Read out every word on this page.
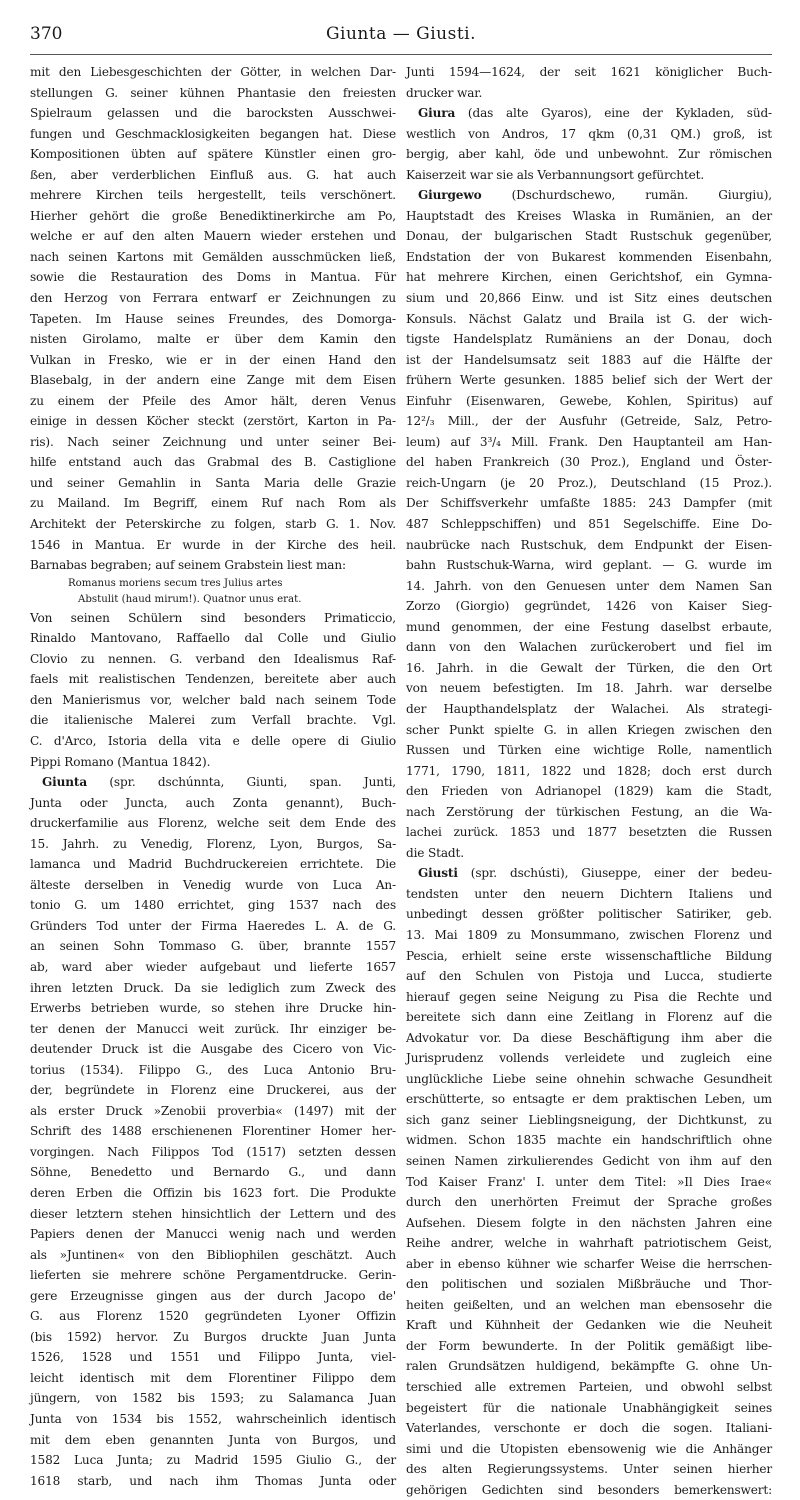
370	Giunta — Giusti.
mit den Liebesgeschichten der Götter, in welchen Dar-
stellungen G. seiner kühnen Phantasie den freiesten
Spielraum gelassen und die barocksten Ausschwei-
fungen und Geschmacklosigkeiten begangen hat. Diese
Kompositionen übten auf spätere Künstler einen gro-
ßen, aber verderblichen Einfluß aus. G. hat auch
mehrere Kirchen teils hergestellt, teils verschönert.
Hierher gehört die große Benediktinerkirche am Po,
welche er auf den alten Mauern wieder erstehen und
nach seinen Kartons mit Gemälden ausschmücken ließ,
sowie die Restauration des Doms in Mantua. Für
den Herzog von Ferrara entwarf er Zeichnungen zu
Tapeten. Im Hause seines Freundes, des Domorga-
nisten Girolamo, malte er über dem Kamin den
Vulkan in Fresko, wie er in der einen Hand den
Blasebalg, in der andern eine Zange mit dem Eisen
zu einem der Pfeile des Amor hält, deren Venus
einige in dessen Köcher steckt (zerstört, Karton in Pa-
ris). Nach seiner Zeichnung und unter seiner Bei-
hilfe entstand auch das Grabmal des B. Castiglione
und seiner Gemahlin in Santa Maria delle Grazie
zu Mailand. Im Begriff, einem Ruf nach Rom als
Architekt der Peterskirche zu folgen, starb G. 1. Nov.
1546 in Mantua. Er wurde in der Kirche des heil.
Barnabas begraben; auf seinem Grabstein liest man:
Romanus moriens secum tres Julius artes
Abstulit (haud mirum!). Quatnor unus erat.
Von seinen Schülern sind besonders Primaticcio,
Rinaldo Mantovano, Raffaello dal Colle und Giulio
Clovio zu nennen. G. verband den Idealismus Raf-
faels mit realistischen Tendenzen, bereitete aber auch
den Manierismus vor, welcher bald nach seinem Tode
die italienische Malerei zum Verfall brachte. Vgl.
C. d'Arco, Istoria della vita e delle opere di Giulio
Pippi Romano (Mantua 1842).
Giunta (spr. dschúnnta, Giunti, span. Junti,
Junta oder Juncta, auch Zonta genannt), Buch-
druckerfamilie aus Florenz, welche seit dem Ende des
15. Jahrh. zu Venedig, Florenz, Lyon, Burgos, Sa-
lamanca und Madrid Buchdruckereien errichtete. Die
älteste derselben in Venedig wurde von Luca An-
tonio G. um 1480 errichtet, ging 1537 nach des
Gründers Tod unter der Firma Haeredes L. A. de G.
an seinen Sohn Tommaso G. über, brannte 1557
ab, ward aber wieder aufgebaut und lieferte 1657
ihren letzten Druck. Da sie lediglich zum Zweck des
Erwerbs betrieben wurde, so stehen ihre Drucke hin-
ter denen der Manucci weit zurück. Ihr einziger be-
deutender Druck ist die Ausgabe des Cicero von Vic-
torius (1534). Filippo G., des Luca Antonio Bru-
der, begründete in Florenz eine Druckerei, aus der
als erster Druck »Zenobii proverbia« (1497) mit der
Schrift des 1488 erschienenen Florentiner Homer her-
vorgingen. Nach Filippos Tod (1517) setzten dessen
Söhne, Benedetto und Bernardo G., und dann
deren Erben die Offizin bis 1623 fort. Die Produkte
dieser letztern stehen hinsichtlich der Lettern und des
Papiers denen der Manucci wenig nach und werden
als »Juntinen« von den Bibliophilen geschätzt. Auch
lieferten sie mehrere schöne Pergamentdrucke. Gerin-
gere Erzeugnisse gingen aus der durch Jacopo de'
G. aus Florenz 1520 gegründeten Lyoner Offizin
(bis 1592) hervor. Zu Burgos druckte Juan Junta
1526, 1528 und 1551 und Filippo Junta, viel-
leicht identisch mit dem Florentiner Filippo dem
jüngern, von 1582 bis 1593; zu Salamanca Juan
Junta von 1534 bis 1552, wahrscheinlich identisch
mit dem eben genannten Junta von Burgos, und
1582 Luca Junta; zu Madrid 1595 Giulio G., der
1618 starb, und nach ihm Thomas Junta oder
Junti 1594—1624, der seit 1621 königlicher Buch-
drucker war.
Giura (das alte Gyaros), eine der Kykladen, süd-
westlich von Andros, 17 qkm (0,31 QM.) groß, ist
bergig, aber kahl, öde und unbewohnt. Zur römischen
Kaiserzeit war sie als Verbannungsort gefürchtet.
Giurgewo (Dschurdschewo, rumän. Giurgiu),
Hauptstadt des Kreises Wlaska in Rumänien, an der
Donau, der bulgarischen Stadt Rustschuk gegenüber,
Endstation der von Bukarest kommenden Eisenbahn,
hat mehrere Kirchen, einen Gerichtshof, ein Gymna-
sium und 20,866 Einw. und ist Sitz eines deutschen
Konsuls. Nächst Galatz und Braila ist G. der wich-
tigste Handelsplatz Rumäniens an der Donau, doch
ist der Handelsumsatz seit 1883 auf die Hälfte der
frühern Werte gesunken. 1885 belief sich der Wert der
Einfuhr (Eisenwaren, Gewebe, Kohlen, Spiritus) auf
12²/₃ Mill., der der Ausfuhr (Getreide, Salz, Petro-
leum) auf 3³/₄ Mill. Frank. Den Hauptanteil am Han-
del haben Frankreich (30 Proz.), England und Öster-
reich-Ungarn (je 20 Proz.), Deutschland (15 Proz.).
Der Schiffsverkehr umfaßte 1885: 243 Dampfer (mit
487 Schleppschiffen) und 851 Segelschiffe. Eine Do-
naubrücke nach Rustschuk, dem Endpunkt der Eisen-
bahn Rustschuk-Warna, wird geplant. — G. wurde im
14. Jahrh. von den Genuesen unter dem Namen San
Zorzo (Giorgio) gegründet, 1426 von Kaiser Sieg-
mund genommen, der eine Festung daselbst erbaute,
dann von den Walachen zurückerobert und fiel im
16. Jahrh. in die Gewalt der Türken, die den Ort
von neuem befestigten. Im 18. Jahrh. war derselbe
der Haupthandelsplatz der Walachei. Als strategi-
scher Punkt spielte G. in allen Kriegen zwischen den
Russen und Türken eine wichtige Rolle, namentlich
1771, 1790, 1811, 1822 und 1828; doch erst durch
den Frieden von Adrianopel (1829) kam die Stadt,
nach Zerstörung der türkischen Festung, an die Wa-
lachei zurück. 1853 und 1877 besetzten die Russen
die Stadt.
Giusti (spr. dschústi), Giuseppe, einer der bedeu-
tendsten unter den neuern Dichtern Italiens und
unbedingt dessen größter politischer Satiriker, geb.
13. Mai 1809 zu Monsummano, zwischen Florenz und
Pescia, erhielt seine erste wissenschaftliche Bildung
auf den Schulen von Pistoja und Lucca, studierte
hierauf gegen seine Neigung zu Pisa die Rechte und
bereitete sich dann eine Zeitlang in Florenz auf die
Advokatur vor. Da diese Beschäftigung ihm aber die
Jurisprudenz vollends verleidete und zugleich eine
unglückliche Liebe seine ohnehin schwache Gesundheit
erschütterte, so entsagte er dem praktischen Leben, um
sich ganz seiner Lieblingsneigung, der Dichtkunst, zu
widmen. Schon 1835 machte ein handschriftlich ohne
seinen Namen zirkulierendes Gedicht von ihm auf den
Tod Kaiser Franz' I. unter dem Titel: »Il Dies Irae«
durch den unerhörten Freimut der Sprache großes
Aufsehen. Diesem folgte in den nächsten Jahren eine
Reihe andrer, welche in wahrhaft patriotischem Geist,
aber in ebenso kühner wie scharfer Weise die herrschen-
den politischen und sozialen Mißbräuche und Thor-
heiten geißelten, und an welchen man ebensosehr die
Kraft und Kühnheit der Gedanken wie die Neuheit
der Form bewunderte. In der Politik gemäßigt libe-
ralen Grundsätzen huldigend, bekämpfte G. ohne Un-
terschied alle extremen Parteien, und obwohl selbst
begeistert für die nationale Unabhängigkeit seines
Vaterlandes, verschonte er doch die sogen. Italiani-
simi und die Utopisten ebensowenig wie die Anhänger
des alten Regierungssystems. Unter seinen hierher
gehörigen Gedichten sind besonders bemerkenswert:
